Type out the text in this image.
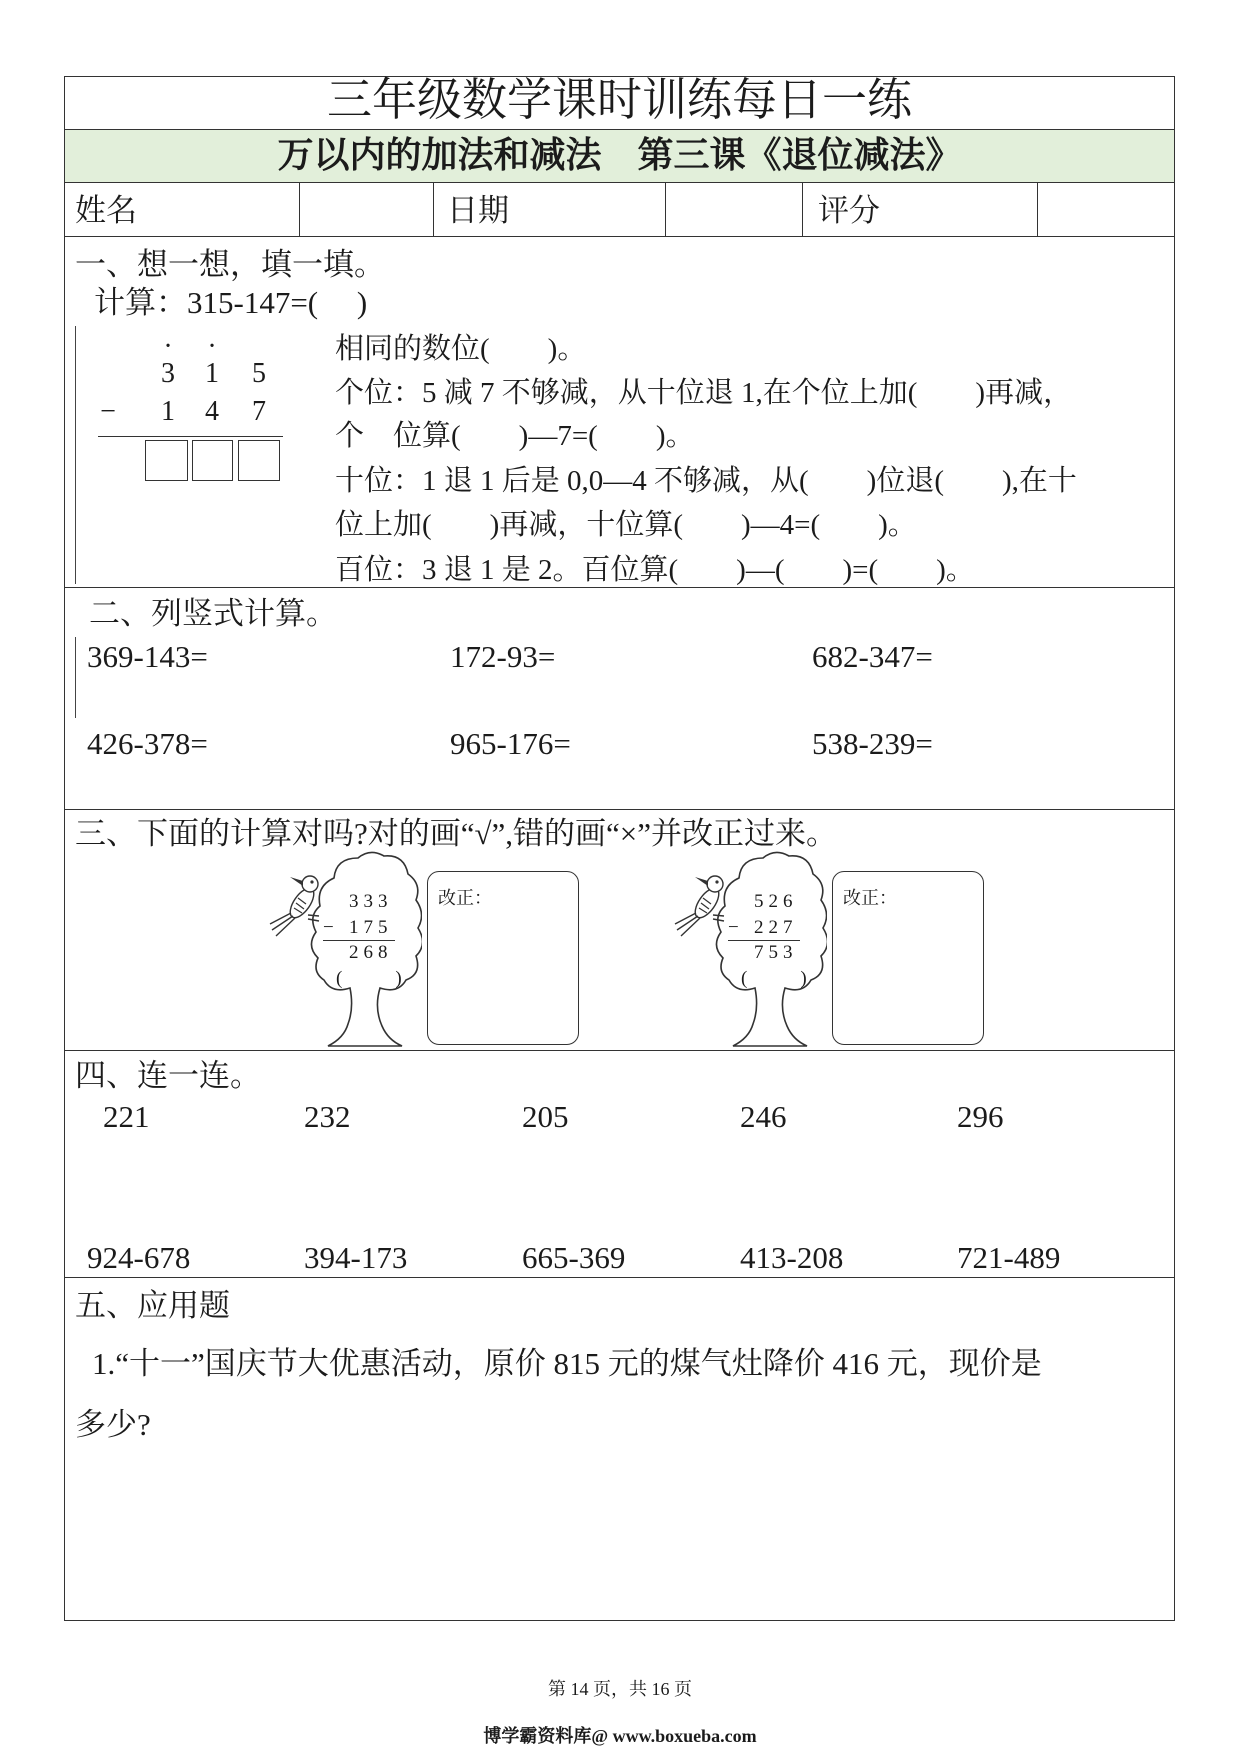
三年级数学课时训练每日一练
万以内的加法和减法　第三课《退位减法》
姓名	日期	评分
一、想一想，填一填。
计算：315-147=(　 )
· ·
3 1 5
− 1 4 7
相同的数位(　　)。
个位：5 减 7 不够减，从十位退 1,在个位上加(　　)再减，
个　位算(　　)—7=(　　)。
十位：1 退 1 后是 0,0—4 不够减，从(　　)位退(　　),在十
位上加(　　)再减，十位算(　　)—4=(　　)。
百位：3 退 1 是 2。百位算(　　)—(　　)=(　　)。
二、列竖式计算。
369-143=	172-93=	682-347=
426-378=	965-176=	538-239=
三、下面的计算对吗?对的画“√”,错的画“×”并改正过来。
333
− 175
268
(　　)
改正：	526
− 227
753
(　　)
改正：
四、连一连。
221	232	205	246	296
924-678	394-173	665-369	413-208	721-489
五、应用题
1.“十一”国庆节大优惠活动，原价 815 元的煤气灶降价 416 元，现价是
多少?
第 14 页，共 16 页
博学霸资料库@ www.boxueba.com
